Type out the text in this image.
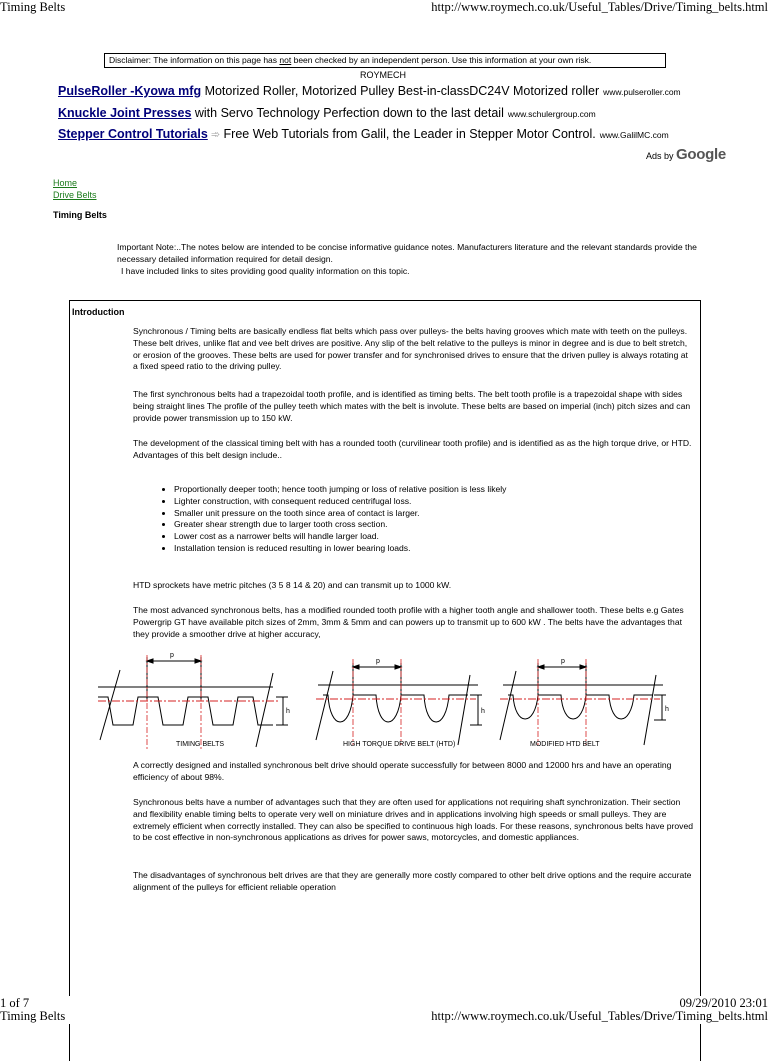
Timing Belts	http://www.roymech.co.uk/Useful_Tables/Drive/Timing_belts.html
Disclaimer: The information on this page has not been checked by an independent person. Use this information at your own risk.
ROYMECH
PulseRoller -Kyowa mfg Motorized Roller, Motorized Pulley Best-in-classDC24V Motorized roller www.pulseroller.com
Knuckle Joint Presses with Servo Technology Perfection down to the last detail www.schulergroup.com
Stepper Control Tutorials ➾ Free Web Tutorials from Galil, the Leader in Stepper Motor Control. www.GalilMC.com
Ads by Google
Home
Drive Belts
Timing Belts
Important Note:..The notes below are intended to be concise informative guidance notes. Manufacturers literature and the relevant standards provide the necessary detailed information required for detail design.
I have included links to sites providing good quality information on this topic.
Introduction
Synchronous / Timing belts are basically endless flat belts which pass over pulleys- the belts having grooves which mate with teeth on the pulleys. These belt drives, unlike flat and vee belt drives are positive. Any slip of the belt relative to the pulleys is minor in degree and is due to belt stretch, or erosion of the grooves. These belts are used for power transfer and for synchronised drives to ensure that the driven pulley is always rotating at a fixed speed ratio to the driving pulley.
The first synchronous belts had a trapezoidal tooth profile, and is identified as timing belts. The belt tooth profile is a trapezoidal shape with sides being straight lines The profile of the pulley teeth which mates with the belt is involute. These belts are based on imperial (inch) pitch sizes and can provide power transmission up to 150 kW.
The development of the classical timing belt with has a rounded tooth (curvilinear tooth profile) and is identified as as the high torque drive, or HTD. Advantages of this belt design include..
• Proportionally deeper tooth; hence tooth jumping or loss of relative position is less likely
• Lighter construction, with consequent reduced centrifugal loss.
• Smaller unit pressure on the tooth since area of contact is larger.
• Greater shear strength due to larger tooth cross section.
• Lower cost as a narrower belts will handle larger load.
• Installation tension is reduced resulting in lower bearing loads.
HTD sprockets have metric pitches (3 5 8 14 & 20) and can transmit up to 1000 kW.
The most advanced synchronous belts, has a modified rounded tooth profile with a higher tooth angle and shallower tooth. These belts e.g Gates Powergrip GT have available pitch sizes of 2mm, 3mm & 5mm and can powers up to transmit up to 600 kW . The belts have the advantages that they provide a smoother drive at higher accuracy,
p
h
p
h
p
h
TIMING BELTS	HIGH TORQUE DRIVE BELT (HTD)	MODIFIED HTD BELT
A correctly designed and installed synchronous belt drive should operate successfully for between 8000 and 12000 hrs and have an operating efficiency of about 98%.
Synchronous belts have a number of advantages such that they are often used for applications not requiring shaft synchronization. Their section and flexibility enable timing belts to operate very well on miniature drives and in applications involving high speeds or small pulleys. They are extremely efficient when correctly installed. They can also be specified to continuous high loads. For these reasons, synchronous belts have proved to be cost effective in non-synchronous applications as drives for power saws, motorcycles, and domestic appliances.
The disadvantages of synchronous belt drives are that they are generally more costly compared to other belt drive options and the require accurate alignment of the pulleys for efficient reliable operation
1 of 7	09/29/2010 23:01
Timing Belts	http://www.roymech.co.uk/Useful_Tables/Drive/Timing_belts.html
